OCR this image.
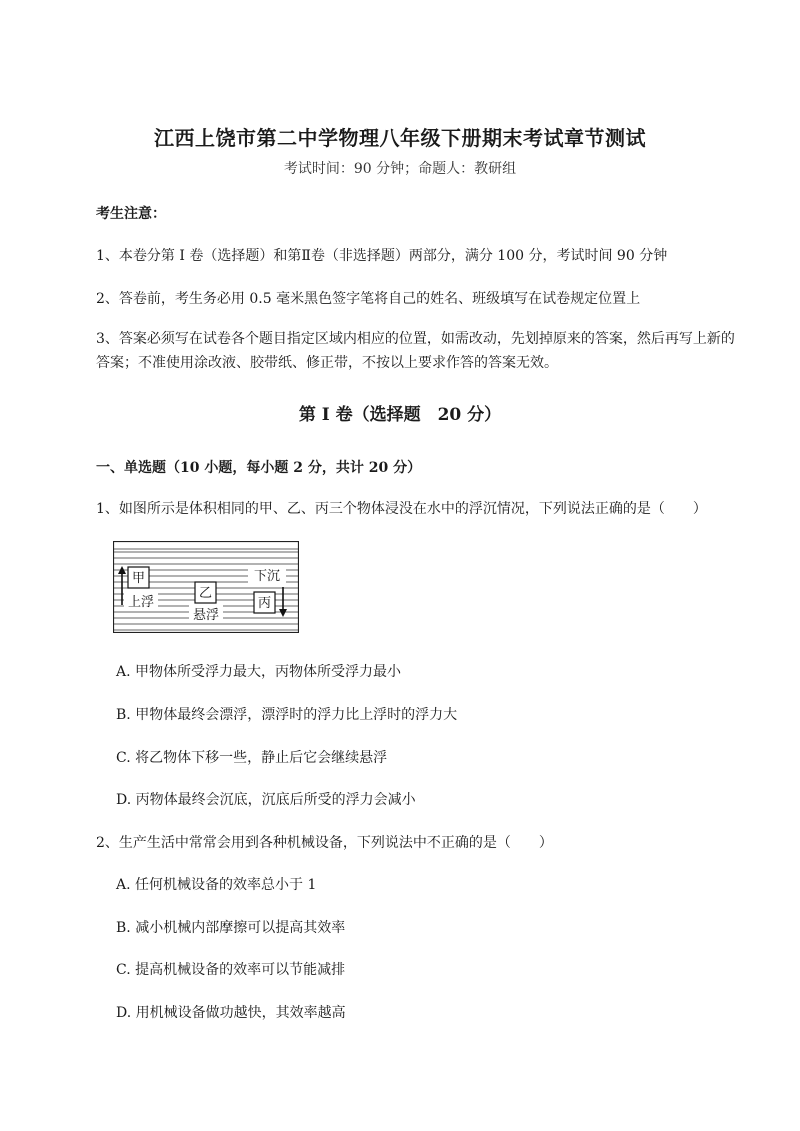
江西上饶市第二中学物理八年级下册期末考试章节测试
考试时间：90 分钟；命题人：教研组
考生注意：
1、本卷分第 I 卷（选择题）和第Ⅱ卷（非选择题）两部分，满分 100 分，考试时间 90 分钟
2、答卷前，考生务必用 0.5 毫米黑色签字笔将自己的姓名、班级填写在试卷规定位置上
3、答案必须写在试卷各个题目指定区域内相应的位置，如需改动，先划掉原来的答案，然后再写上新的答案；不准使用涂改液、胶带纸、修正带，不按以上要求作答的答案无效。
第 I 卷（选择题　20 分）
一、单选题（10 小题，每小题 2 分，共计 20 分）
1、如图所示是体积相同的甲、乙、丙三个物体浸没在水中的浮沉情况，下列说法正确的是（　　）
甲
上浮
乙
悬浮
下沉
丙
A. 甲物体所受浮力最大，丙物体所受浮力最小
B. 甲物体最终会漂浮，漂浮时的浮力比上浮时的浮力大
C. 将乙物体下移一些，静止后它会继续悬浮
D. 丙物体最终会沉底，沉底后所受的浮力会减小
2、生产生活中常常会用到各种机械设备，下列说法中不正确的是（　　）
A. 任何机械设备的效率总小于 1
B. 减小机械内部摩擦可以提高其效率
C. 提高机械设备的效率可以节能减排
D. 用机械设备做功越快，其效率越高
